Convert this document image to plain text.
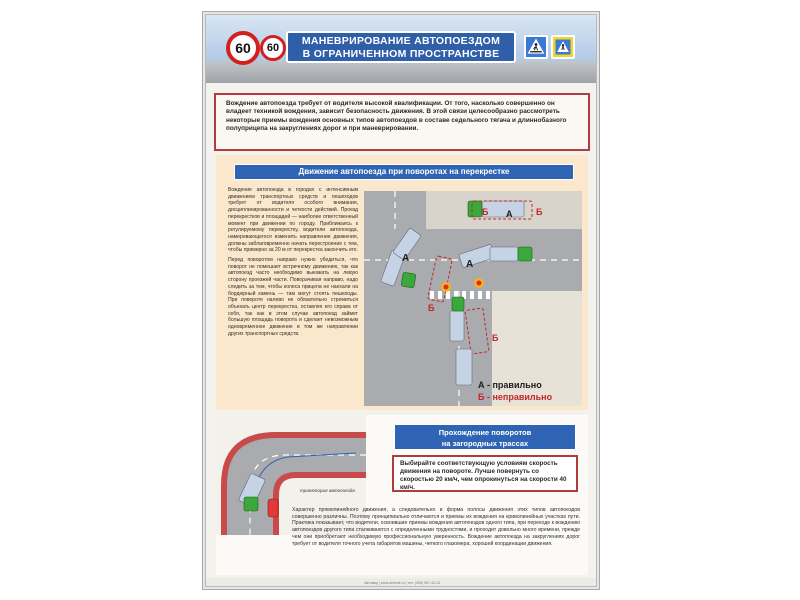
60 60
МАНЕВРИРОВАНИЕ АВТОПОЕЗДОМ
В ОГРАНИЧЕННОМ ПРОСТРАНСТВЕ
Вождение автопоезда требует от водителя высокой квалификации. От того, насколько совершенно он владеет техникой вождения, зависит безопасность движения. В этой связи целесообразно рассмотреть некоторые приемы вождения основных типов автопоездов в составе седельного тягача и длиннобазного полуприцепа на закруглениях дорог и при маневрировании.
Движение автопоезда при поворотах на перекрестке

Вождение автопоезда в городах с интенсивным движением транспортных средств и пешеходов требует от водителя особого внимания, дисциплинированности и четкости действий. Проезд перекрестков и площадей — наиболее ответственный момент при движении по городу. Приближаясь к регулируемому перекрестку, водители автопоезда, намеревающегося изменить направление движения, должны заблаговременно начать перестроение с тем, чтобы примерно за 20 м от перекрестка закончить его.

Перед поворотом направо нужно убедиться, что поворот не помешает встречному движению, так как автопоезд часто необходимо выезжать на левую сторону проезжей части. Поворачивая направо, надо следить за тем, чтобы колеса прицепа не наехали на бордюрный камень — там могут стоять пешеходы. При повороте налево не обязательно стремиться объехать центр перекрестка, оставляя его справа от себя, так как в этом случае автопоезд займет большую площадь поворота и сделает невозможным одновременное движение в том же направлении других транспортных средств.

А
А
А
Б
Б
Б
Б
А - правильно
Б - неправильно
траектория автопоезда
Прохождение поворотов
на загородных трассах
Выбирайте соответствующую условиям скорость движения на повороте. Лучше повернуть со скоростью 20 км/ч, чем опрокинуться на скорости 40 км/ч.
Характер прямолинейного движения, а следовательно и форма полосы движения этих типов автопоездов совершенно различны. Поэтому принципиально отличаются и приемы их вождения на криволинейных участках пути. Практика показывает, что водители, освоившие приемы вождения автопоездов одного типа, при переходе к вождению автопоездов другого типа сталкиваются с определенными трудностями, и проходит довольно много времени, прежде чем они приобретают необходимую профессиональную уверенность. Вождение автопоезда на закруглениях дорог требует от водителя точного учета габаритов машины, четкого глазомера, хорошей координации движения.
Автомир | www.avtomir.ru | тел. (495) 957-42-15
